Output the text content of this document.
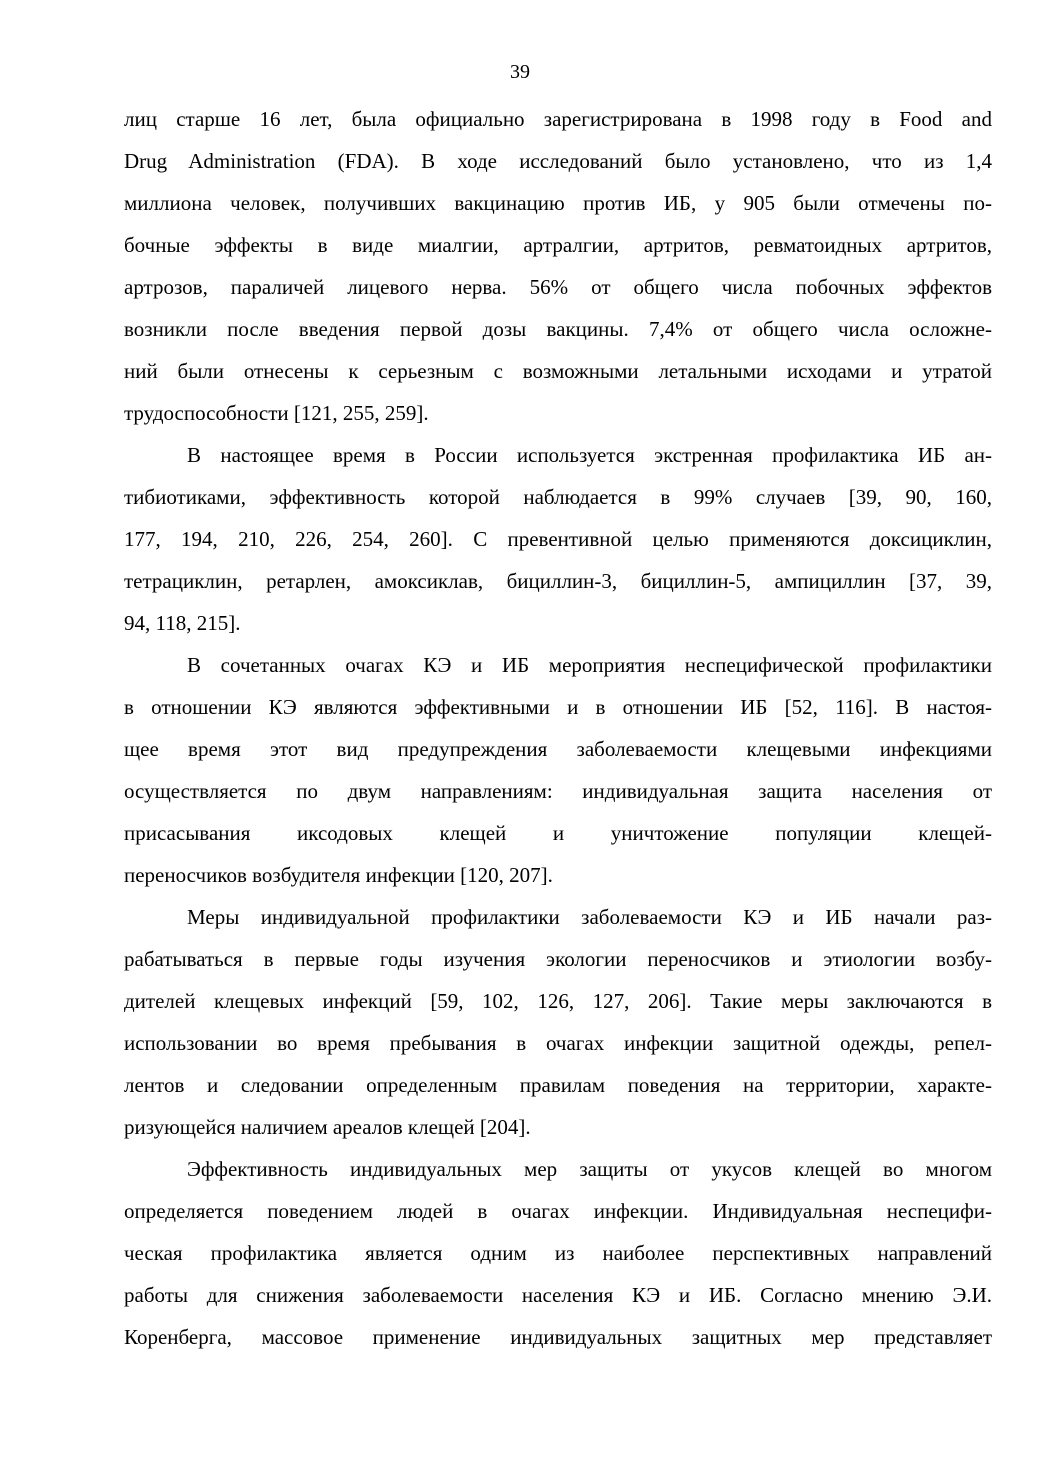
39
лиц старше 16 лет, была официально зарегистрирована в 1998 году в Food and
Drug Administration (FDA). В ходе исследований было установлено, что из 1,4
миллиона человек, получивших вакцинацию против ИБ, у 905 были отмечены по-
бочные эффекты в виде миалгии, артралгии, артритов, ревматоидных артритов,
артрозов, параличей лицевого нерва. 56% от общего числа побочных эффектов
возникли после введения первой дозы вакцины. 7,4% от общего числа осложне-
ний были отнесены к серьезным с возможными летальными исходами и утратой
трудоспособности [121, 255, 259].
В настоящее время в России используется экстренная профилактика ИБ ан-
тибиотиками, эффективность которой наблюдается в 99% случаев [39, 90, 160,
177, 194, 210, 226, 254, 260]. С превентивной целью применяются доксициклин,
тетрациклин, ретарлен, амоксиклав, бициллин-3, бициллин-5, ампициллин [37, 39,
94, 118, 215].
В сочетанных очагах КЭ и ИБ мероприятия неспецифической профилактики
в отношении КЭ являются эффективными и в отношении ИБ [52, 116]. В настоя-
щее время этот вид предупреждения заболеваемости клещевыми инфекциями
осуществляется по двум направлениям: индивидуальная защита населения от
присасывания иксодовых клещей и уничтожение популяции клещей-
переносчиков возбудителя инфекции [120, 207].
Меры индивидуальной профилактики заболеваемости КЭ и ИБ начали раз-
рабатываться в первые годы изучения экологии переносчиков и этиологии возбу-
дителей клещевых инфекций [59, 102, 126, 127, 206]. Такие меры заключаются в
использовании во время пребывания в очагах инфекции защитной одежды, репел-
лентов и следовании определенным правилам поведения на территории, характе-
ризующейся наличием ареалов клещей [204].
Эффективность индивидуальных мер защиты от укусов клещей во многом
определяется поведением людей в очагах инфекции. Индивидуальная неспецифи-
ческая профилактика является одним из наиболее перспективных направлений
работы для снижения заболеваемости населения КЭ и ИБ. Согласно мнению Э.И.
Коренберга, массовое применение индивидуальных защитных мер представляет
